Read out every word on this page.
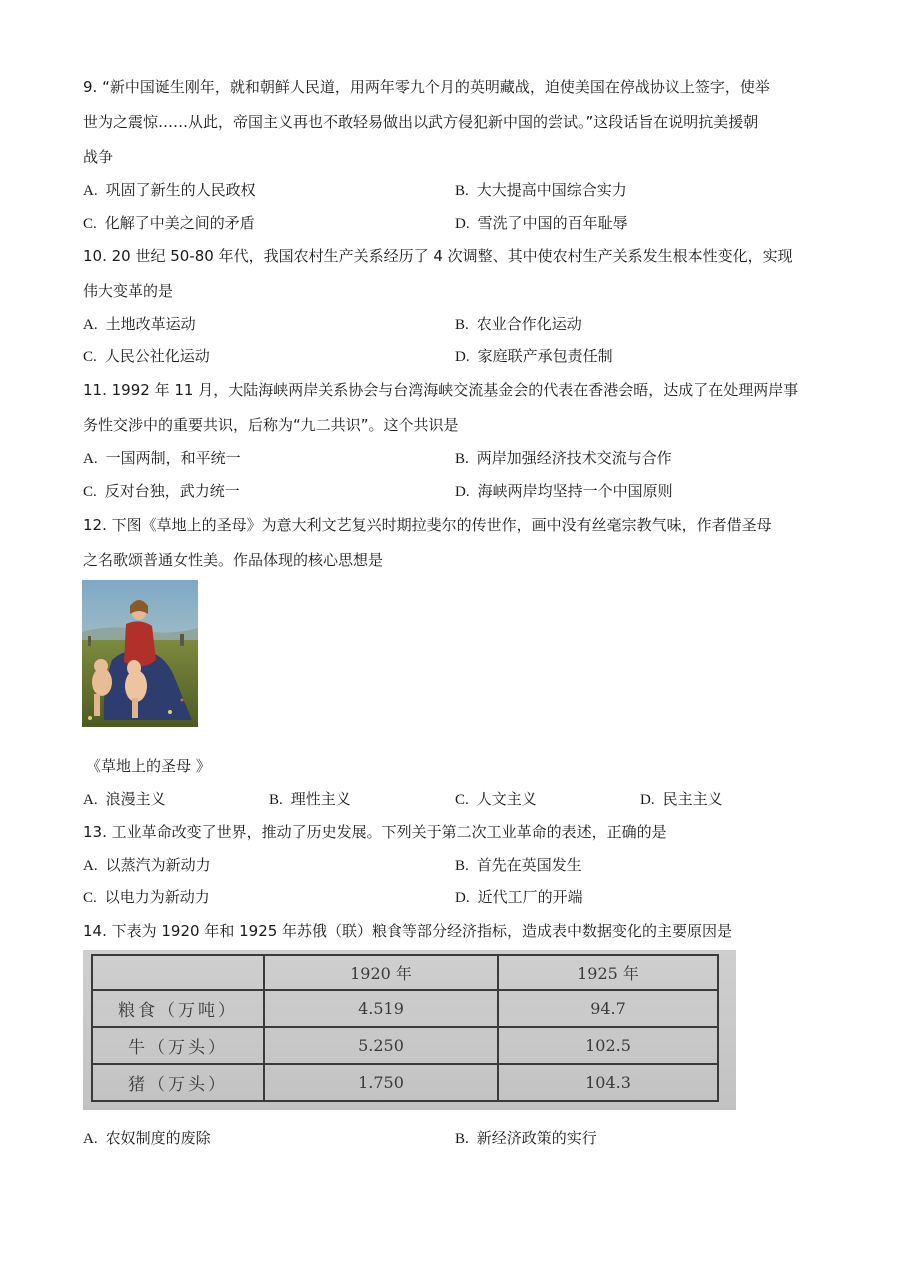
9. “新中国诞生刚年，就和朝鲜人民道，用两年零九个月的英明藏战，迫使美国在停战协议上签字，使举
世为之震惊……从此，帝国主义再也不敢轻易做出以武方侵犯新中国的尝试。”这段话旨在说明抗美援朝
战争
A. 巩固了新生的人民政权	B. 大大提高中国综合实力
C. 化解了中美之间的矛盾	D. 雪洗了中国的百年耻辱
10. 20 世纪 50-80 年代，我国农村生产关系经历了 4 次调整、其中使农村生产关系发生根本性变化，实现
伟大变革的是
A. 土地改革运动	B. 农业合作化运动
C. 人民公社化运动	D. 家庭联产承包责任制
11. 1992 年 11 月，大陆海峡两岸关系协会与台湾海峡交流基金会的代表在香港会晤，达成了在处理两岸事
务性交涉中的重要共识，后称为“九二共识”。这个共识是
A. 一国两制，和平统一	B. 两岸加强经济技术交流与合作
C. 反对台独，武力统一	D. 海峡两岸均坚持一个中国原则
12. 下图《草地上的圣母》为意大利文艺复兴时期拉斐尔的传世作，画中没有丝毫宗教气味，作者借圣母
之名歌颂普通女性美。作品体现的核心思想是
《草地上的圣母 》
A. 浪漫主义	B. 理性主义	C. 人文主义	D. 民主主义
13. 工业革命改变了世界，推动了历史发展。下列关于第二次工业革命的表述，正确的是
A. 以蒸汽为新动力	B. 首先在英国发生
C. 以电力为新动力	D. 近代工厂的开端
14. 下表为 1920 年和 1925 年苏俄（联）粮食等部分经济指标，造成表中数据变化的主要原因是
	1920 年	1925 年
粮食（万吨）	4.519	94.7
牛（万头）	5.250	102.5
猪（万头）	1.750	104.3
A. 农奴制度的废除	B. 新经济政策的实行
